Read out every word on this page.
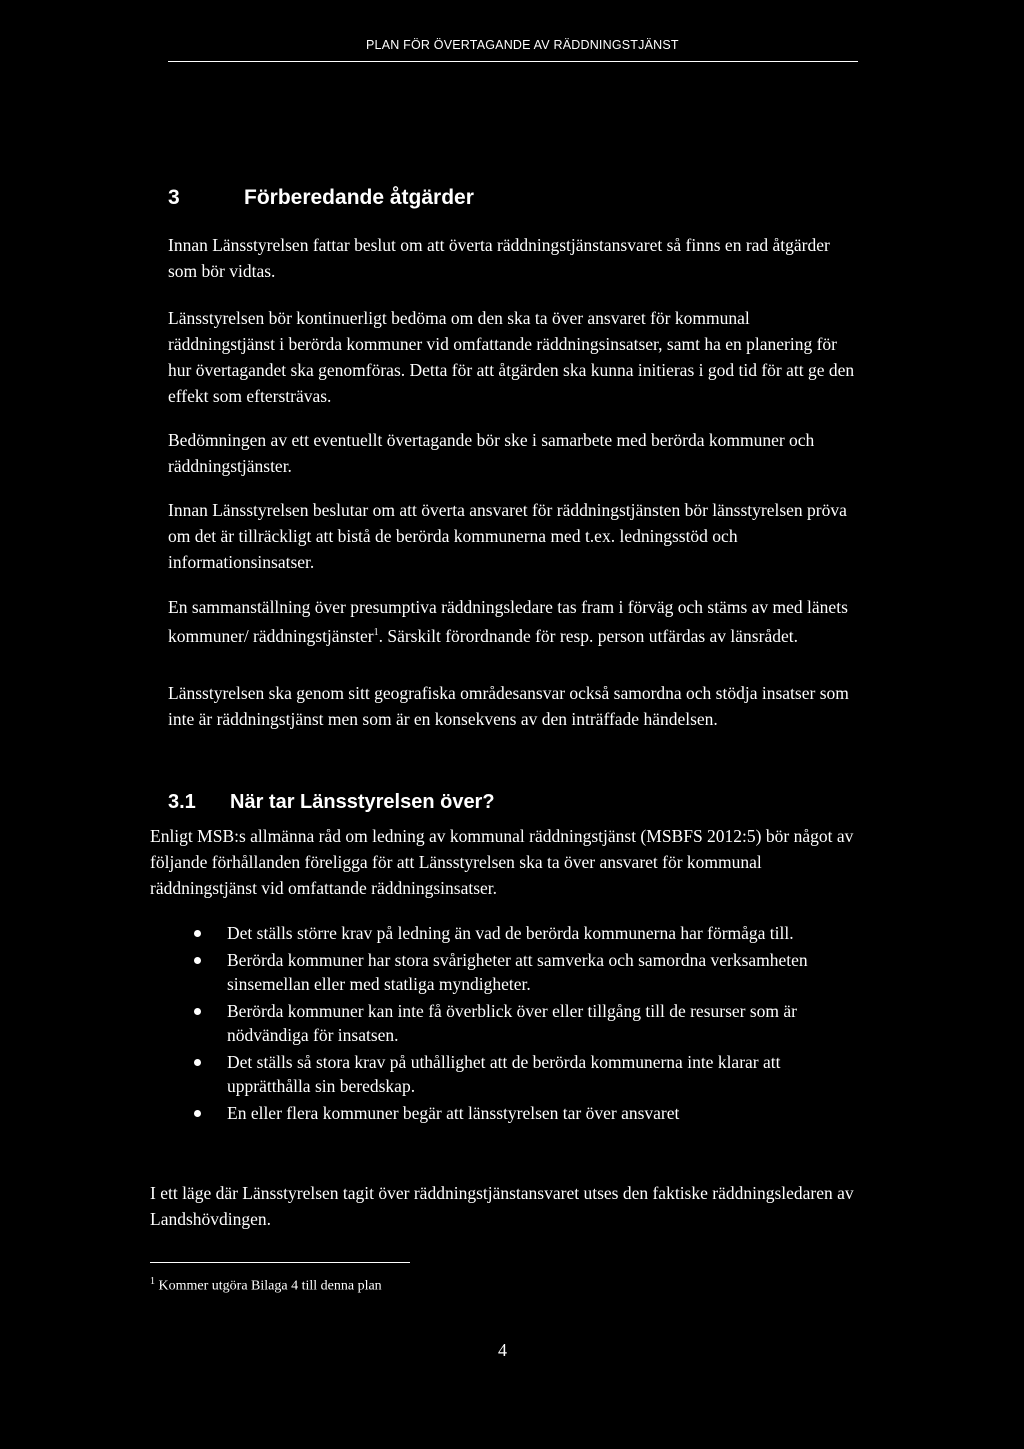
PLAN FÖR ÖVERTAGANDE AV RÄDDNINGSTJÄNST
3	Förberedande åtgärder

Innan Länsstyrelsen fattar beslut om att överta räddningstjänstansvaret så finns en rad åtgärder som bör vidtas.

Länsstyrelsen bör kontinuerligt bedöma om den ska ta över ansvaret för kommunal räddningstjänst i berörda kommuner vid omfattande räddningsinsatser, samt ha en planering för hur övertagandet ska genomföras. Detta för att åtgärden ska kunna initieras i god tid för att ge den effekt som eftersträvas.

Bedömningen av ett eventuellt övertagande bör ske i samarbete med berörda kommuner och räddningstjänster.

Innan Länsstyrelsen beslutar om att överta ansvaret för räddningstjänsten bör länsstyrelsen pröva om det är tillräckligt att bistå de berörda kommunerna med t.ex. ledningsstöd och informationsinsatser.

En sammanställning över presumptiva räddningsledare tas fram i förväg och stäms av med länets kommuner/ räddningstjänster$^1$. Särskilt förordnande för resp. person utfärdas av länsrådet.

Länsstyrelsen ska genom sitt geografiska områdesansvar också samordna och stödja insatser som inte är räddningstjänst men som är en konsekvens av den inträffade händelsen.

3.1 När tar Länsstyrelsen över?

Enligt MSB:s allmänna råd om ledning av kommunal räddningstjänst (MSBFS 2012:5) bör något av följande förhållanden föreligga för att Länsstyrelsen ska ta över ansvaret för kommunal räddningstjänst vid omfattande räddningsinsatser.

Det ställs större krav på ledning än vad de berörda kommunerna har förmåga till.
Berörda kommuner har stora svårigheter att samverka och samordna verksamheten sinsemellan eller med statliga myndigheter.
Berörda kommuner kan inte få överblick över eller tillgång till de resurser som är nödvändiga för insatsen.
Det ställs så stora krav på uthållighet att de berörda kommunerna inte klarar att upprätthålla sin beredskap.
En eller flera kommuner begär att länsstyrelsen tar över ansvaret

I ett läge där Länsstyrelsen tagit över räddningstjänstansvaret utses den faktiske räddningsledaren av Landshövdingen.

$^1$ Kommer utgöra Bilaga 4 till denna plan
4
